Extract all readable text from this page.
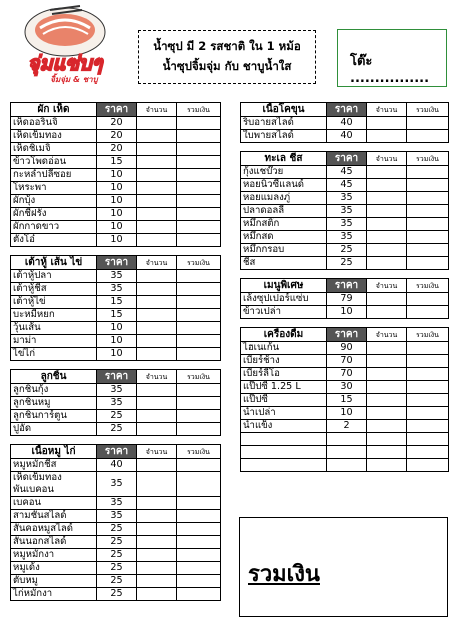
จุ่มแซ่บๆ
จิ้มจุ่ม & ชาบู
น้ำซุป มี 2 รสชาติ ใน 1 หม้อ
น้ำซุปจิ้มจุ่ม กับ ชาบูน้ำใส	โต๊ะ ................
ผัก เห็ด	ราคา	จำนวน	รวมเงิน
เห็ดออรินจิ	20		
เห็ดเข็มทอง	20		
เห็ดชิเมจิ	20		
ข้าวโพดอ่อน	15		
กะหล่ำปลีซอย	10		
โหระพา	10		
ผักบุ้ง	10		
ผักชีฝรั่ง	10		
ผักกาดขาว	10		
ตั้งโอ๋	10		

เต้าหู้ เส้น ไข่	ราคา	จำนวน	รวมเงิน
เต้าหู้ปลา	35		
เต้าหู้ชีส	35		
เต้าหู้ไข่	15		
บะหมี่หยก	15		
วุ้นเส้น	10		
มาม่า	10		
ไข่ไก่	10		

ลูกชิ้น	ราคา	จำนวน	รวมเงิน
ลูกชิ้นกุ้ง	35		
ลูกชิ้นหมู	35		
ลูกชิ้นการ์ตูน	25		
ปูอัด	25		

เนื้อหมู ไก่	ราคา	จำนวน	รวมเงิน
หมูหมักชีส	40		
เห็ดเข็มทอง
พันเบคอน	35		
เบคอน	35		
สามชั้นสไลด์	35		
สันคอหมูสไลด์	25		
สันนอกสไลด์	25		
หมูหมักงา	25		
หมูเด้ง	25		
ตับหมู	25		
ไก่หมักงา	25		
เนื้อโคขุน	ราคา	จำนวน	รวมเงิน
ริบอายสไลด์	40		
ใบพายสไลด์	40		

ทะเล ชีส	ราคา	จำนวน	รวมเงิน
กุ้งแชบ๊วย	45		
หอยนิวซีแลนด์	45		
หอยแมลงภู่	35		
ปลาดอลลี่	35		
หมึกสติ๊ก	35		
หมึกสด	35		
หมึกกรอบ	25		
ชีส	25		

เมนูพิเศษ	ราคา	จำนวน	รวมเงิน
เล้งซุปเปอร์แซ่บ	79		
ข้าวเปล่า	10		

เครื่องดื่ม	ราคา	จำนวน	รวมเงิน
ไฮเนเก้น	90		
เบียร์ช้าง	70		
เบียร์ลีโอ	70		
แป๊ปซี่ 1.25 L	30		
แป๊ปซี่	15		
น้ำเปล่า	10		
น้ำแข็ง	2		

รวมเงิน
